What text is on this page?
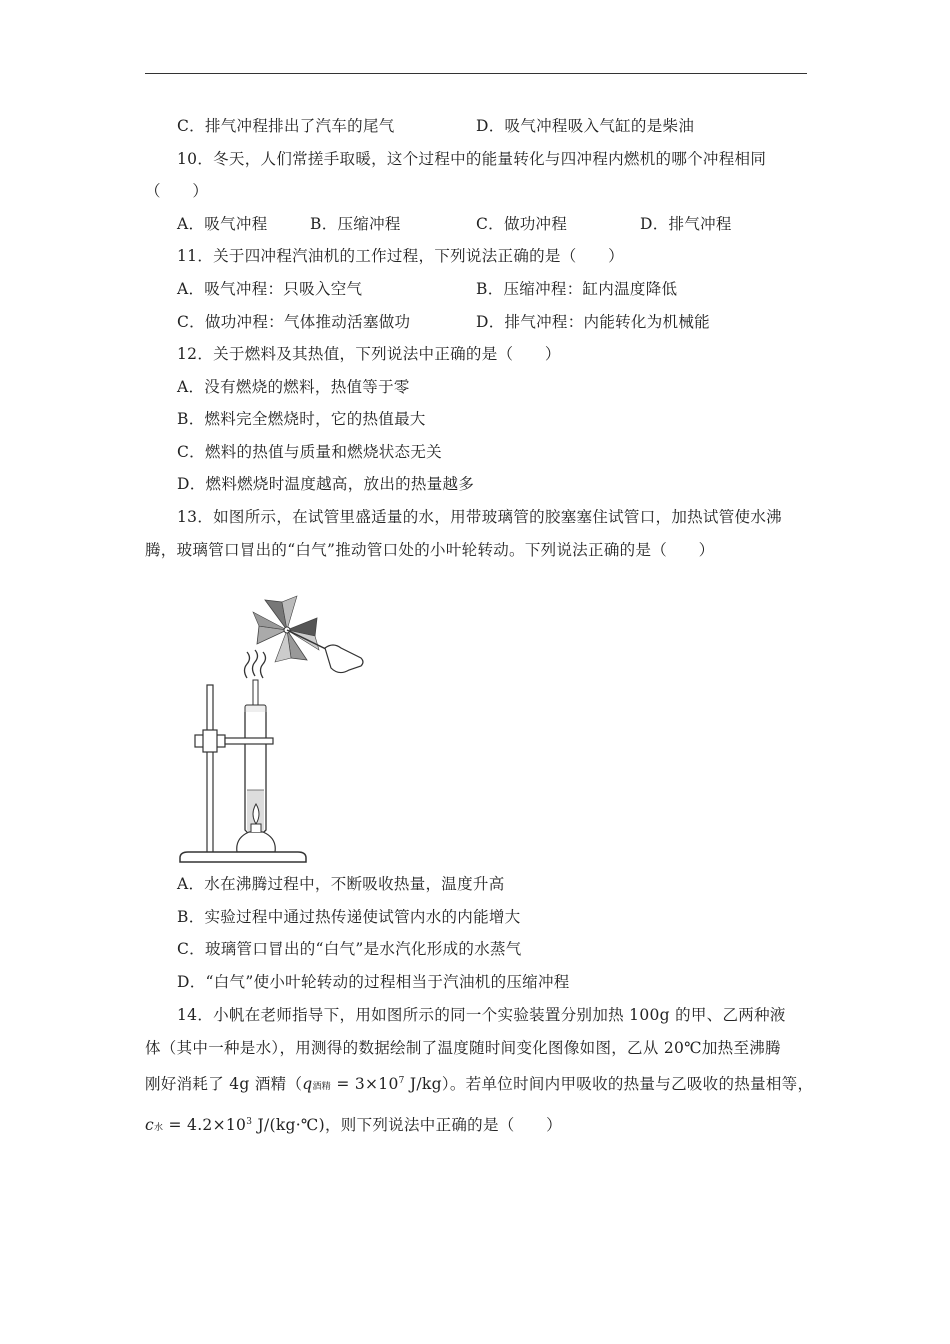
C．排气冲程排出了汽车的尾气	D．吸气冲程吸入气缸的是柴油
10．冬天，人们常搓手取暖，这个过程中的能量转化与四冲程内燃机的哪个冲程相同
（　　）
A．吸气冲程	B．压缩冲程	C．做功冲程	D．排气冲程
11．关于四冲程汽油机的工作过程，下列说法正确的是（　　）
A．吸气冲程：只吸入空气	B．压缩冲程：缸内温度降低
C．做功冲程：气体推动活塞做功	D．排气冲程：内能转化为机械能
12．关于燃料及其热值，下列说法中正确的是（　　）
A．没有燃烧的燃料，热值等于零
B．燃料完全燃烧时，它的热值最大
C．燃料的热值与质量和燃烧状态无关
D．燃料燃烧时温度越高，放出的热量越多
13．如图所示，在试管里盛适量的水，用带玻璃管的胶塞塞住试管口，加热试管使水沸
腾，玻璃管口冒出的“白气”推动管口处的小叶轮转动。下列说法正确的是（　　）
A．水在沸腾过程中，不断吸收热量，温度升高
B．实验过程中通过热传递使试管内水的内能增大
C．玻璃管口冒出的“白气”是水汽化形成的水蒸气
D．“白气”使小叶轮转动的过程相当于汽油机的压缩冲程
14．小帆在老师指导下，用如图所示的同一个实验装置分别加热 100g 的甲、乙两种液
体（其中一种是水），用测得的数据绘制了温度随时间变化图像如图，乙从 20℃加热至沸腾
刚好消耗了 4g 酒精（q酒精 = $3\times 10^7$ J/kg）。若单位时间内甲吸收的热量与乙吸收的热量相等，
c水 = $4.2\times 10^3$ J/(kg·℃)，则下列说法中正确的是（　　）
